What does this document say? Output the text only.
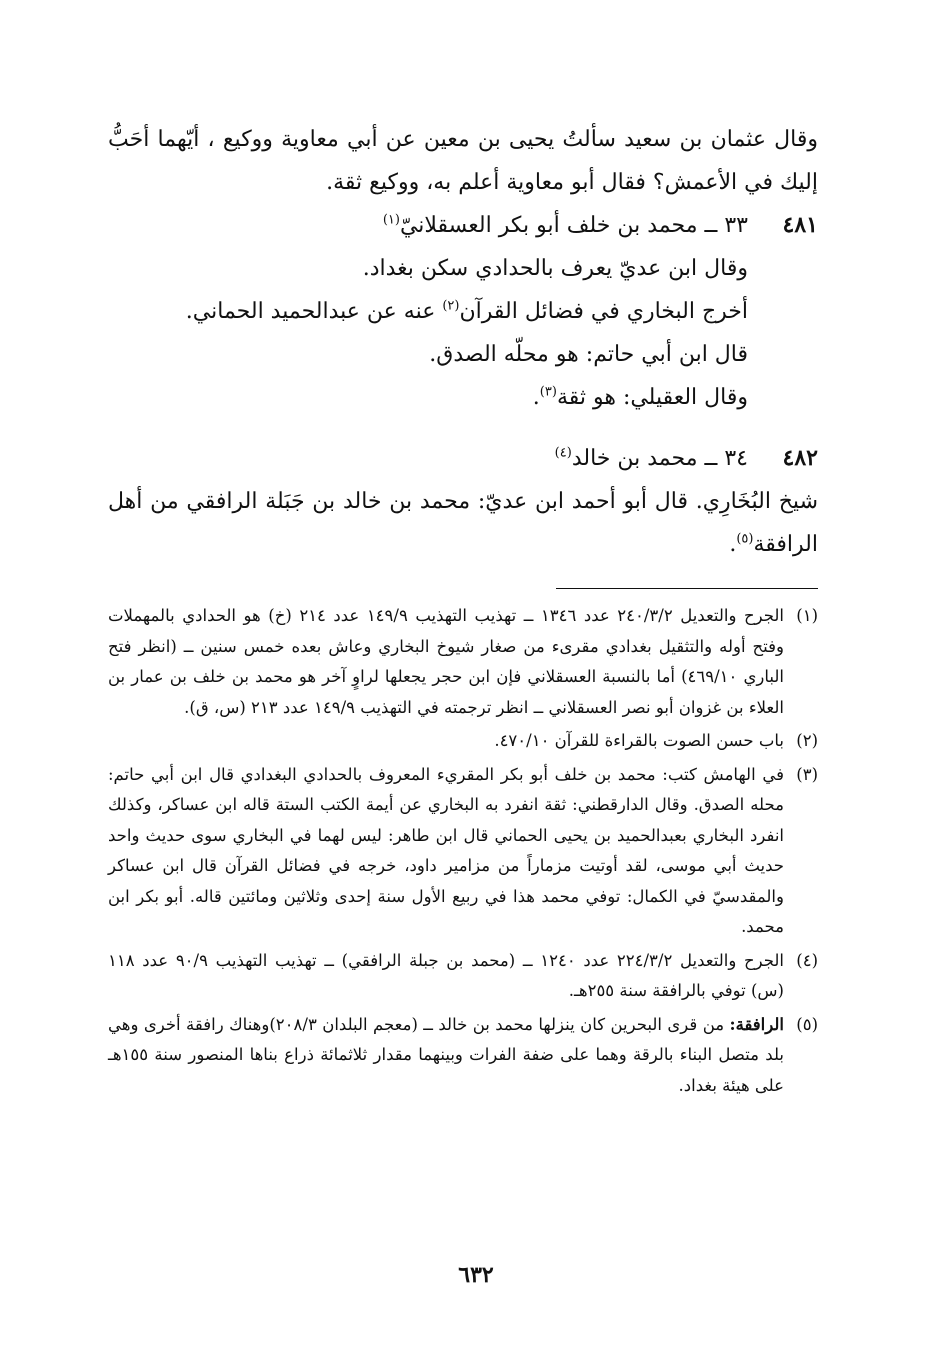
وقال عثمان بن سعيد سألتُ يحيى بن معين عن أبي معاوية ووكيع ، أيّهما أحَبُّ إليك في الأعمش؟ فقال أبو معاوية أعلم به، ووكيع ثقة.

٤٨١
٣٣ ــ محمد بن خلف أبو بكر العسقلانيّ$^{(١)}$

وقال ابن عديّ يعرف بالحدادي سكن بغداد.

أخرج البخاري في فضائل القرآن$^{(٢)}$ عنه عن عبدالحميد الحماني.

قال ابن أبي حاتم: هو محلّه الصدق.

وقال العقيلي: هو ثقة$^{(٣)}$.

٤٨٢
٣٤ ــ محمد بن خالد$^{(٤)}$

شيخ البُخَارِي. قال أبو أحمد ابن عديّ: محمد بن خالد بن جَبَلة الرافقي من أهل الرافقة$^{(٥)}$.

(١)
الجرح والتعديل ٢٤٠/٣/٢ عدد ١٣٤٦ ــ تهذيب التهذيب ١٤٩/٩ عدد ٢١٤ (خ) هو الحدادي بالمهملات وفتح أوله والتثقيل بغدادي مقرىء من صغار شيوخ البخاري وعاش بعده خمس سنين ــ (انظر فتح الباري ٤٦٩/١٠) أما بالنسبة العسقلاني فإن ابن حجر يجعلها لراوٍ آخر هو محمد بن خلف بن عمار بن العلاء بن غزوان أبو نصر العسقلاني ــ انظر ترجمته في التهذيب ١٤٩/٩ عدد ٢١٣ (س، ق).
(٢)
باب حسن الصوت بالقراءة للقرآن ٤٧٠/١٠.
(٣)
في الهامش كتب: محمد بن خلف أبو بكر المقريء المعروف بالحدادي البغدادي قال ابن أبي حاتم: محله الصدق. وقال الدارقطني: ثقة انفرد به البخاري عن أيمة الكتب الستة قاله ابن عساكر، وكذلك انفرد البخاري بعبدالحميد بن يحيى الحماني قال ابن طاهر: ليس لهما في البخاري سوى حديث واحد حديث أبي موسى، لقد أوتيت مزماراً من مزامير داود، خرجه في فضائل القرآن قال ابن عساكر والمقدسيّ في الكمال: توفي محمد هذا في ربيع الأول سنة إحدى وثلاثين ومائتين قاله. أبو بكر ابن محمد.
(٤)
الجرح والتعديل ٢٢٤/٣/٢ عدد ١٢٤٠ ــ (محمد بن جبلة الرافقي) ــ تهذيب التهذيب ٩٠/٩ عدد ١١٨ (س) توفي بالرافقة سنة ٢٥٥هـ.
(٥)
الرافقة: من قرى البحرين كان ينزلها محمد بن خالد ــ (معجم البلدان ٢٠٨/٣)وهناك رافقة أخرى وهي بلد متصل البناء بالرقة وهما على ضفة الفرات وبينهما مقدار ثلاثمائة ذراع بناها المنصور سنة ١٥٥هـ على هيئة بغداد.
٦٣٢
